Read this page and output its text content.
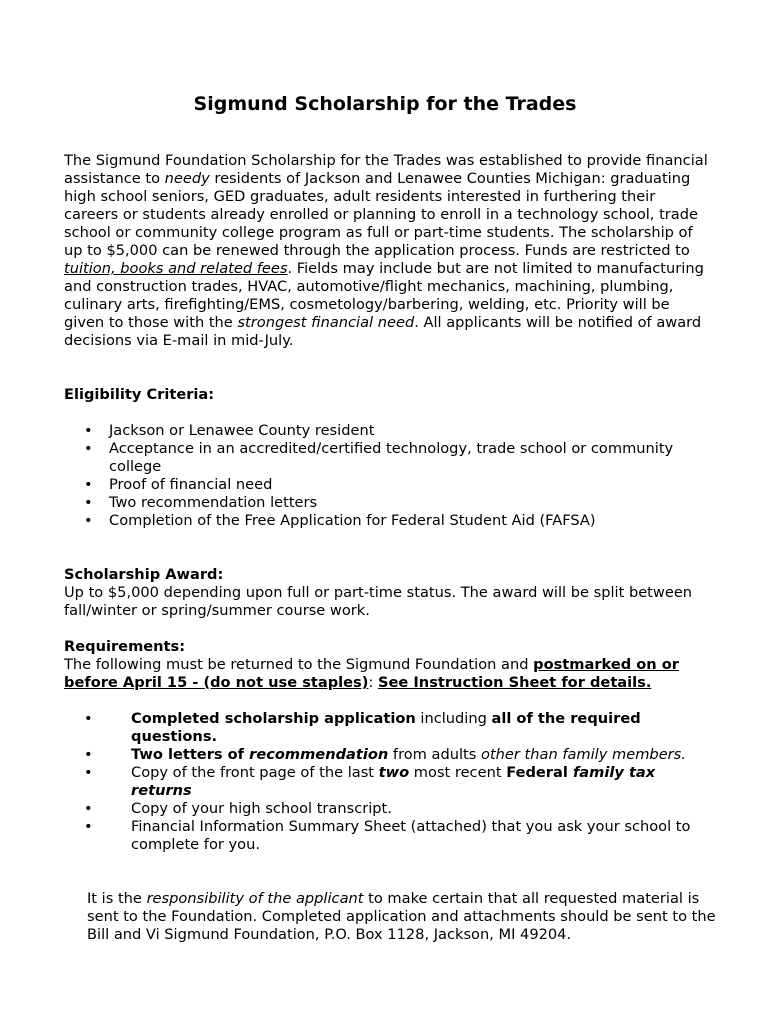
Sigmund Scholarship for the Trades
The Sigmund Foundation Scholarship for the Trades was established to provide financial assistance to needy residents of Jackson and Lenawee Counties Michigan: graduating high school seniors, GED graduates, adult residents interested in furthering their careers or students already enrolled or planning to enroll in a technology school, trade school or community college program as full or part-time students. The scholarship of up to $5,000 can be renewed through the application process. Funds are restricted to tuition, books and related fees. Fields may include but are not limited to manufacturing and construction trades, HVAC, automotive/flight mechanics, machining, plumbing, culinary arts, firefighting/EMS, cosmetology/barbering, welding, etc. Priority will be given to those with the strongest financial need. All applicants will be notified of award decisions via E-mail in mid-July.
Eligibility Criteria:
• Jackson or Lenawee County resident
• Acceptance in an accredited/certified technology, trade school or community college
• Proof of financial need
• Two recommendation letters
• Completion of the Free Application for Federal Student Aid (FAFSA)
Scholarship Award:
Up to $5,000 depending upon full or part-time status. The award will be split between fall/winter or spring/summer course work.
Requirements:
The following must be returned to the Sigmund Foundation and postmarked on or before April 15 - (do not use staples): See Instruction Sheet for details.
•	Completed scholarship application including all of the required questions.
•	Two letters of recommendation from adults other than family members.
•	Copy of the front page of the last two most recent Federal family tax returns
•	Copy of your high school transcript.
•	Financial Information Summary Sheet (attached) that you ask your school to complete for you.
It is the responsibility of the applicant to make certain that all requested material is sent to the Foundation. Completed application and attachments should be sent to the Bill and Vi Sigmund Foundation, P.O. Box 1128, Jackson, MI 49204.
